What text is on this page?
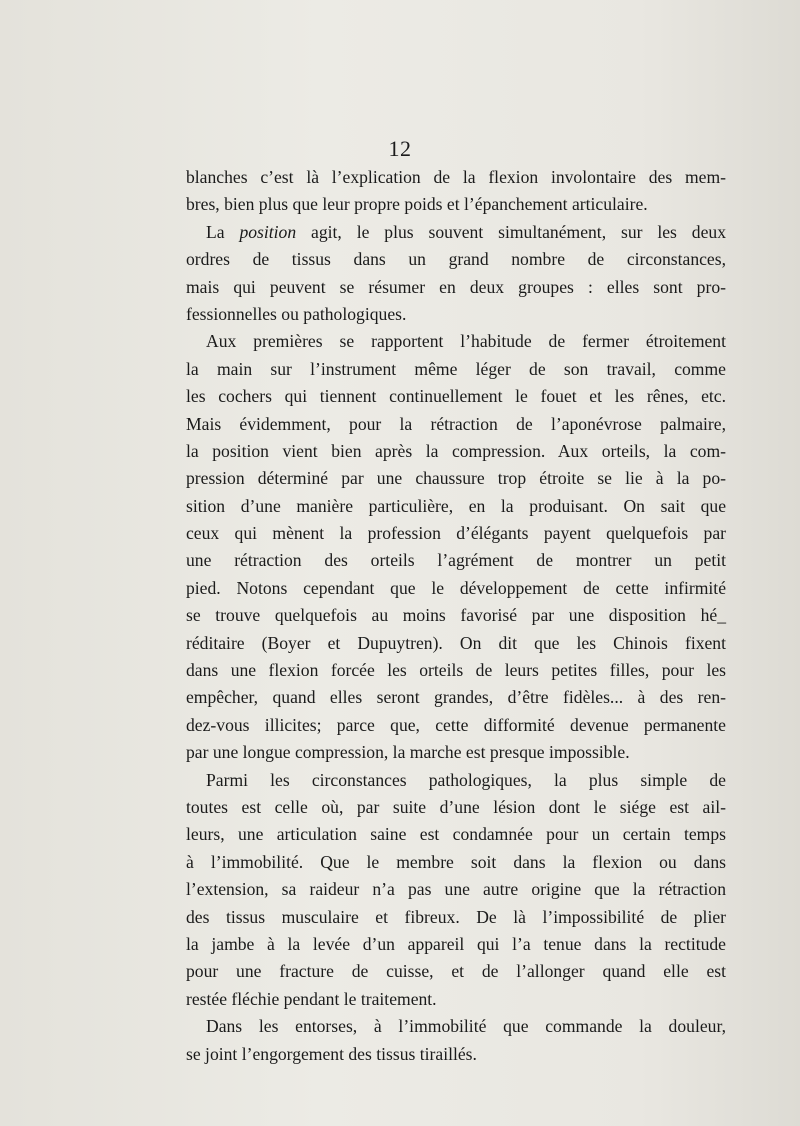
12
blanches c’est là l’explication de la flexion involontaire des mem-
bres, bien plus que leur propre poids et l’épanchement articulaire.
La position agit, le plus souvent simultanément, sur les deux
ordres de tissus dans un grand nombre de circonstances,
mais qui peuvent se résumer en deux groupes : elles sont pro-
fessionnelles ou pathologiques.
Aux premières se rapportent l’habitude de fermer étroitement
la main sur l’instrument même léger de son travail, comme
les cochers qui tiennent continuellement le fouet et les rênes, etc.
Mais évidemment, pour la rétraction de l’aponévrose palmaire,
la position vient bien après la compression. Aux orteils, la com-
pression déterminé par une chaussure trop étroite se lie à la po-
sition d’une manière particulière, en la produisant. On sait que
ceux qui mènent la profession d’élégants payent quelquefois par
une rétraction des orteils l’agrément de montrer un petit
pied. Notons cependant que le développement de cette infirmité
se trouve quelquefois au moins favorisé par une disposition hé_
réditaire (Boyer et Dupuytren). On dit que les Chinois fixent
dans une flexion forcée les orteils de leurs petites filles, pour les
empêcher, quand elles seront grandes, d’être fidèles... à des ren-
dez-vous illicites; parce que, cette difformité devenue permanente
par une longue compression, la marche est presque impossible.
Parmi les circonstances pathologiques, la plus simple de
toutes est celle où, par suite d’une lésion dont le siége est ail-
leurs, une articulation saine est condamnée pour un certain temps
à l’immobilité. Que le membre soit dans la flexion ou dans
l’extension, sa raideur n’a pas une autre origine que la rétraction
des tissus musculaire et fibreux. De là l’impossibilité de plier
la jambe à la levée d’un appareil qui l’a tenue dans la rectitude
pour une fracture de cuisse, et de l’allonger quand elle est
restée fléchie pendant le traitement.
Dans les entorses, à l’immobilité que commande la douleur,
se joint l’engorgement des tissus tiraillés.
